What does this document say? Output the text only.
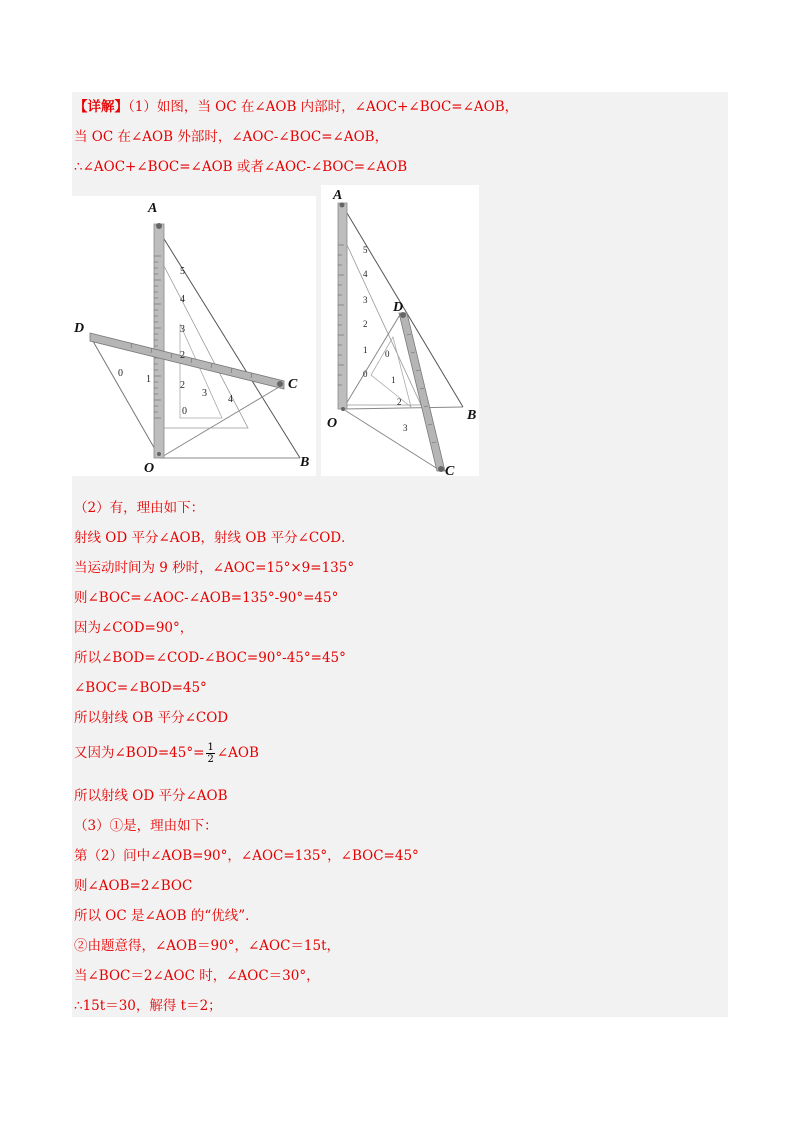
【详解】（1）如图，当 OC 在∠AOB 内部时，∠AOC+∠BOC=∠AOB，
当 OC 在∠AOB 外部时，∠AOC-∠BOC=∠AOB，
∴∠AOC+∠BOC=∠AOB 或者∠AOC-∠BOC=∠AOB
A
B
C
D
O
5
4
3
2
1
0
4
3
2
0
A
B
C
D
O
5
4
3
2
1
0
0
1
2
3
（2）有，理由如下：
射线 OD 平分∠AOB，射线 OB 平分∠COD．
当运动时间为 9 秒时，∠AOC=15°×9=135°
则∠BOC=∠AOC-∠AOB=135°-90°=45°
因为∠COD=90°，
所以∠BOD=∠COD-∠BOC=90°-45°=45°
∠BOC=∠BOD=45°
所以射线 OB 平分∠COD
又因为∠BOD=45°= $\frac{1}{2}$ ∠AOB
所以射线 OD 平分∠AOB
（3）①是，理由如下：
第（2）问中∠AOB=90°，∠AOC=135°，∠BOC=45°
则∠AOB=2∠BOC
所以 OC 是∠AOB 的“优线”．
②由题意得，∠AOB＝90°，∠AOC＝15t，
当∠BOC＝2∠AOC 时，∠AOC＝30°，
∴15t＝30，解得 t＝2；
